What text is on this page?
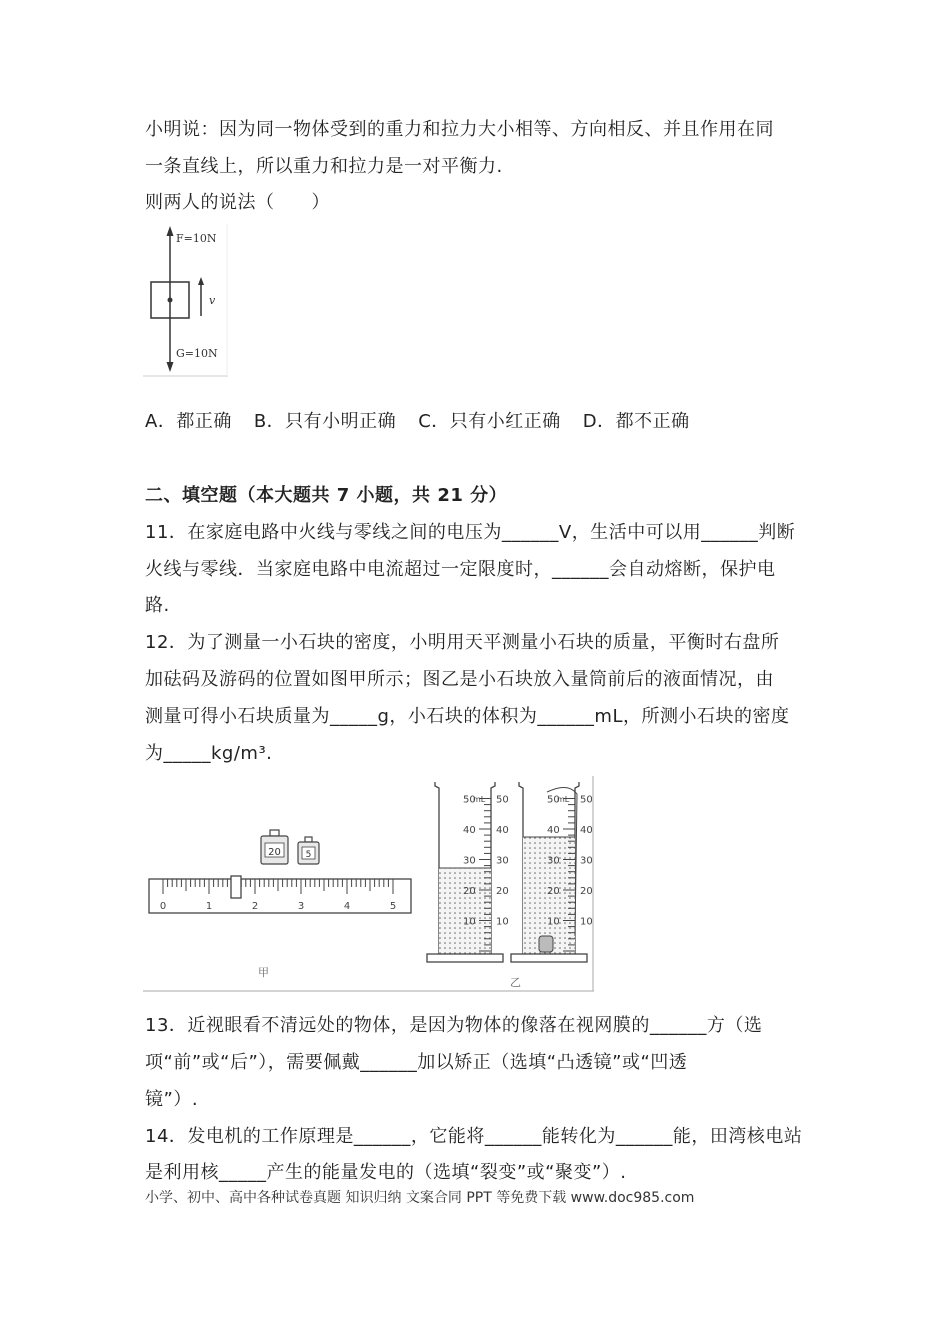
小明说：因为同一物体受到的重力和拉力大小相等、方向相反、并且作用在同
一条直线上，所以重力和拉力是一对平衡力.
则两人的说法（　　）
v
F=10N
G=10N
A．都正确 B．只有小明正确 C．只有小红正确 D．都不正确
二、填空题（本大题共 7 小题，共 21 分）
11．在家庭电路中火线与零线之间的电压为______V，生活中可以用______判断
火线与零线．当家庭电路中电流超过一定限度时，______会自动熔断，保护电
路.
12．为了测量一小石块的密度，小明用天平测量小石块的质量，平衡时右盘所
加砝码及游码的位置如图甲所示；图乙是小石块放入量筒前后的液面情况，由
测量可得小石块质量为_____g，小石块的体积为______mL，所测小石块的密度
为_____kg/m³.
20	5
0	1	2	3	4	5
甲
50 50
40 40
30 30
20 20
10 10
mL	50 50
40 40
30 30
20 20
10 10
mL
乙
13．近视眼看不清远处的物体，是因为物体的像落在视网膜的______方（选
项“前”或“后”），需要佩戴______加以矫正（选填“凸透镜”或“凹透
镜”）.
14．发电机的工作原理是______，它能将______能转化为______能，田湾核电站
是利用核_____产生的能量发电的（选填“裂变”或“聚变”）.
小学、初中、高中各种试卷真题 知识归纳 文案合同 PPT 等免费下载 www.doc985.com
